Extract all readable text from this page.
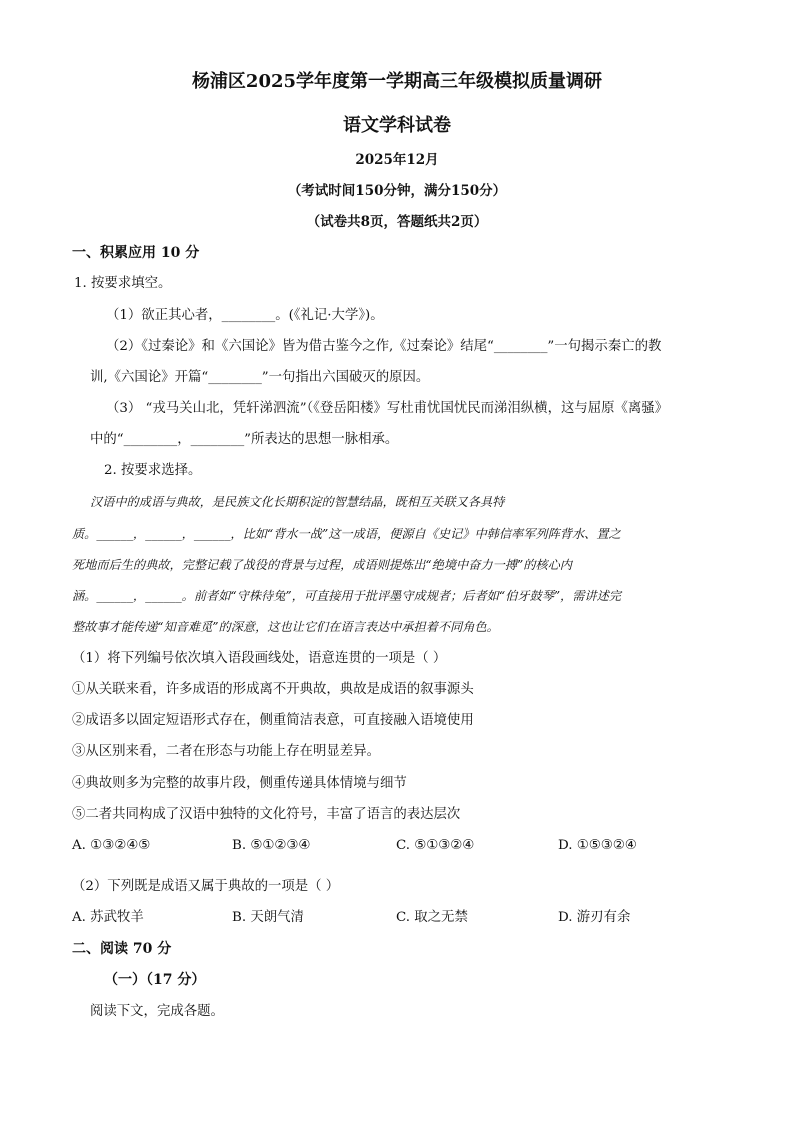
杨浦区2025学年度第一学期高三年级模拟质量调研
语文学科试卷
2025年12月
（考试时间150分钟，满分150分）
（试卷共8页，答题纸共2页）
一、积累应用 10 分
1. 按要求填空。
（1）欲正其心者，________。(《礼记·大学》)。
（2）《过秦论》和《六国论》皆为借古鉴今之作,《过秦论》结尾“________”一句揭示秦亡的教
训,《六国论》开篇“________”一句指出六国破灭的原因。
（3） “戎马关山北，凭轩涕泗流”（《登岳阳楼》写杜甫忧国忧民而涕泪纵横，这与屈原《离骚》
中的“________，________”所表达的思想一脉相承。
2. 按要求选择。
汉语中的成语与典故，是民族文化长期积淀的智慧结晶，既相互关联又各具特
质。______，______，______，比如“背水一战”这一成语，便源自《史记》中韩信率军列阵背水、置之
死地而后生的典故，完整记载了战役的背景与过程，成语则提炼出“绝境中奋力一搏”的核心内
涵。______，______。前者如“守株待兔”，可直接用于批评墨守成规者；后者如“伯牙鼓琴”，需讲述完
整故事才能传递“知音难觅”的深意，这也让它们在语言表达中承担着不同角色。
（1）将下列编号依次填入语段画线处，语意连贯的一项是（ ）
①从关联来看，许多成语的形成离不开典故，典故是成语的叙事源头
②成语多以固定短语形式存在，侧重简洁表意，可直接融入语境使用
③从区别来看，二者在形态与功能上存在明显差异。
④典故则多为完整的故事片段，侧重传递具体情境与细节
⑤二者共同构成了汉语中独特的文化符号，丰富了语言的表达层次
A. ①③②④⑤	B. ⑤①②③④	C. ⑤①③②④	D. ①⑤③②④
（2）下列既是成语又属于典故的一项是（ ）
A. 苏武牧羊	B. 天朗气清	C. 取之无禁	D. 游刃有余
二、阅读 70 分
（一）（17 分）
阅读下文，完成各题。
